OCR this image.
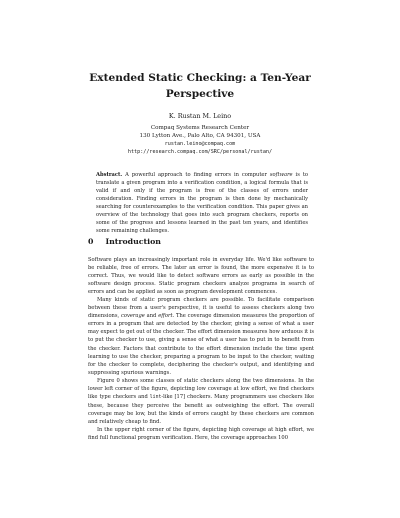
Extended Static Checking: a Ten-Year
Perspective
K. Rustan M. Leino
Compaq Systems Research Center
130 Lytton Ave., Palo Alto, CA 94301, USA
rustan.leino@compaq.com
http://research.compaq.com/SRC/personal/rustan/
Abstract. A powerful approach to finding errors in computer software is to translate a given program into a verification condition, a logical formula that is valid if and only if the program is free of the classes of errors under consideration. Finding errors in the program is then done by mechanically searching for counterexamples to the verification condition. This paper gives an overview of the technology that goes into such program checkers, reports on some of the progress and lessons learned in the past ten years, and identifies some remaining challenges.
0 Introduction

Software plays an increasingly important role in everyday life. We'd like software to be reliable, free of errors. The later an error is found, the more expensive it is to correct. Thus, we would like to detect software errors as early as possible in the software design process. Static program checkers analyze programs in search of errors and can be applied as soon as program development commences.

Many kinds of static program checkers are possible. To facilitate comparison between these from a user's perspective, it is useful to assess checkers along two dimensions, coverage and effort. The coverage dimension measures the proportion of errors in a program that are detected by the checker, giving a sense of what a user may expect to get out of the checker. The effort dimension measures how arduous it is to put the checker to use, giving a sense of what a user has to put in to benefit from the checker. Factors that contribute to the effort dimension include the time spent learning to use the checker, preparing a program to be input to the checker, waiting for the checker to complete, deciphering the checker's output, and identifying and suppressing spurious warnings.

Figure 0 shows some classes of static checkers along the two dimensions. In the lower left corner of the figure, depicting low coverage at low effort, we find checkers like type checkers and lint-like [17] checkers. Many programmers use checkers like these, because they perceive the benefit as outweighing the effort. The overall coverage may be low, but the kinds of errors caught by these checkers are common and relatively cheap to find.

In the upper right corner of the figure, depicting high coverage at high effort, we find full functional program verification. Here, the coverage approaches 100
